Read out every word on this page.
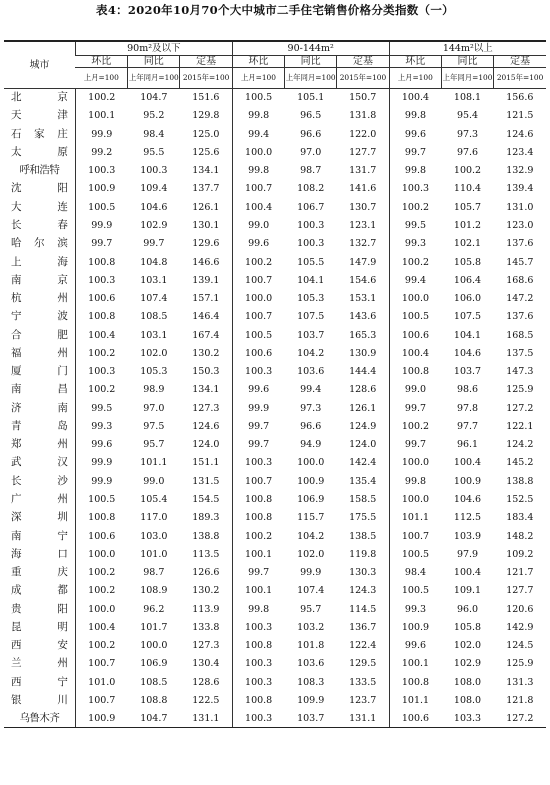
表4：2020年10月70个大中城市二手住宅销售价格分类指数（一）
城市	90m²及以下			90-144m²			144m²以上		
	环比	同比	定基	环比	同比	定基	环比	同比	定基
	上月=100	上年同月=100	2015年=100	上月=100	上年同月=100	2015年=100	上月=100	上年同月=100	2015年=100
北京	100.2	104.7	151.6	100.5	105.1	150.7	100.4	108.1	156.6
天津	100.1	95.2	129.8	99.8	96.5	131.8	99.8	95.4	121.5
石家庄	99.9	98.4	125.0	99.4	96.6	122.0	99.6	97.3	124.6
太原	99.2	95.5	125.6	100.0	97.0	127.7	99.7	97.6	123.4
呼和浩特	100.3	100.3	134.1	99.8	98.7	131.7	99.8	100.2	132.9
沈阳	100.9	109.4	137.7	100.7	108.2	141.6	100.3	110.4	139.4
大连	100.5	104.6	126.1	100.4	106.7	130.7	100.2	105.7	131.0
长春	99.9	102.9	130.1	99.0	100.3	123.1	99.5	101.2	123.0
哈尔滨	99.7	99.7	129.6	99.6	100.3	132.7	99.3	102.1	137.6
上海	100.8	104.8	146.6	100.2	105.5	147.9	100.2	105.8	145.7
南京	100.3	103.1	139.1	100.7	104.1	154.6	99.4	106.4	168.6
杭州	100.6	107.4	157.1	100.0	105.3	153.1	100.0	106.0	147.2
宁波	100.8	108.5	146.4	100.7	107.5	143.6	100.5	107.5	137.6
合肥	100.4	103.1	167.4	100.5	103.7	165.3	100.6	104.1	168.5
福州	100.2	102.0	130.2	100.6	104.2	130.9	100.4	104.6	137.5
厦门	100.3	105.3	150.3	100.3	103.6	144.4	100.8	103.7	147.3
南昌	100.2	98.9	134.1	99.6	99.4	128.6	99.0	98.6	125.9
济南	99.5	97.0	127.3	99.9	97.3	126.1	99.7	97.8	127.2
青岛	99.3	97.5	124.6	99.7	96.6	124.9	100.2	97.7	122.1
郑州	99.6	95.7	124.0	99.7	94.9	124.0	99.7	96.1	124.2
武汉	99.9	101.1	151.1	100.3	100.0	142.4	100.0	100.4	145.2
长沙	99.9	99.0	131.5	100.7	100.9	135.4	99.8	100.9	138.8
广州	100.5	105.4	154.5	100.8	106.9	158.5	100.0	104.6	152.5
深圳	100.8	117.0	189.3	100.8	115.7	175.5	101.1	112.5	183.4
南宁	100.6	103.0	138.8	100.2	104.2	138.5	100.7	103.9	148.2
海口	100.0	101.0	113.5	100.1	102.0	119.8	100.5	97.9	109.2
重庆	100.2	98.7	126.6	99.7	99.9	130.3	98.4	100.4	121.7
成都	100.2	108.9	130.2	100.1	107.4	124.3	100.5	109.1	127.7
贵阳	100.0	96.2	113.9	99.8	95.7	114.5	99.3	96.0	120.6
昆明	100.4	101.7	133.8	100.3	103.2	136.7	100.9	105.8	142.9
西安	100.2	100.0	127.3	100.8	101.8	122.4	99.6	102.0	124.5
兰州	100.7	106.9	130.4	100.3	103.6	129.5	100.1	102.9	125.9
西宁	101.0	108.5	128.6	100.3	108.3	133.5	100.8	108.0	131.3
银川	100.7	108.8	122.5	100.8	109.9	123.7	101.1	108.0	121.8
乌鲁木齐	100.9	104.7	131.1	100.3	103.7	131.1	100.6	103.3	127.2
